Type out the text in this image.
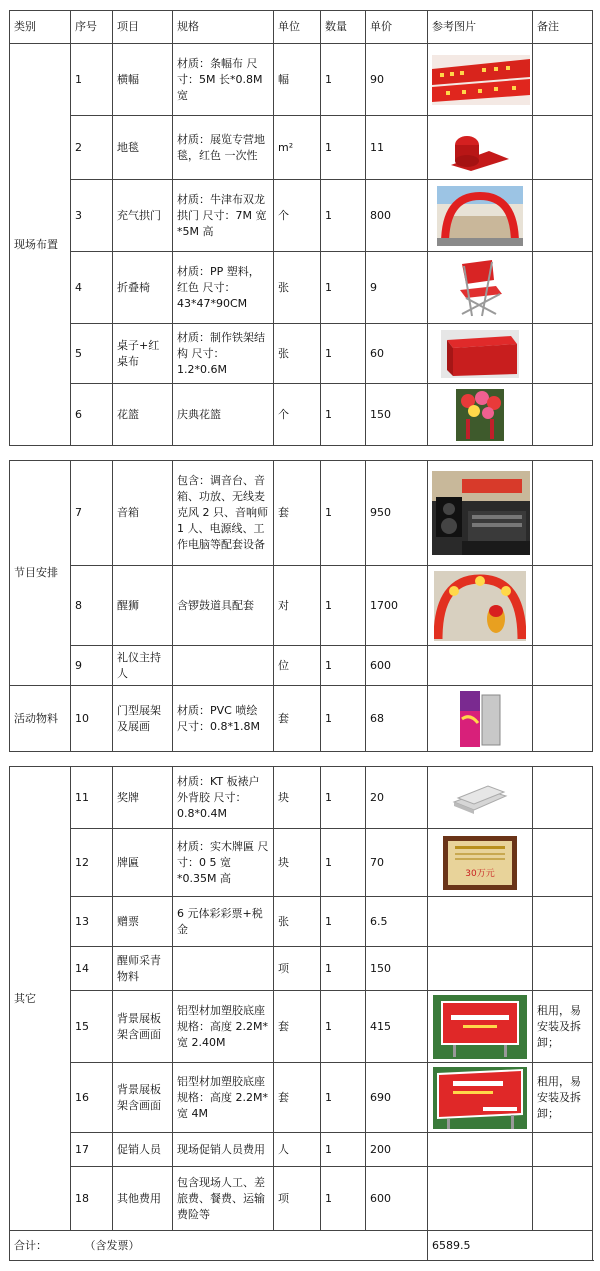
类别	序号	项目	规格	单位	数量	单价	参考图片	备注
现场布置	1	横幅	材质：条幅布 尺寸：5M 长*0.8M 宽	幅	1	90	

	2	地毯	材质：展览专营地毯，红色 一次性	m²	1	11	

	3	充气拱门	材质：牛津布双龙拱门 尺寸：7M 宽*5M 高	个	1	800	

	4	折叠椅	材质：PP 塑料，红色 尺寸：43*47*90CM	张	1	9	

	5	桌子+红桌布	材质：制作铁架结构 尺寸：1.2*0.6M	张	1	60	

	6	花篮	庆典花篮	个	1	150	

节目安排	7	音箱	包含：调音台、音箱、功放、无线麦克风 2 只、音响师 1 人、电源线、工作电脑等配套设备	套	1	950	

	8	醒狮	含锣鼓道具配套	对	1	1700	

	9	礼仪主持人		位	1	600		
活动物料	10	门型展架及展画	材质：PVC 喷绘 尺寸：0.8*1.8M	套	1	68	

其它	11	奖牌	材质：KT 板裱户外背胶 尺寸：0.8*0.4M	块	1	20	

	12	牌匾	材质：实木牌匾 尺寸：0 5 宽*0.35M 高	块	1	70	30万元	

	13	赠票	6 元体彩彩票+税金	张	1	6.5		
	14	醒师采青物料		项	1	150		
	15	背景展板架含画面	铝型材加塑胶底座 规格：高度 2.2M*宽 2.40M	套	1	415		租用，易安装及拆卸；
	16	背景展板架含画面	铝型材加塑胶底座 规格：高度 2.2M*宽 4M	套	1	690		租用，易安装及拆卸；
	17	促销人员	现场促销人员费用	人	1	200		
	18	其他费用	包含现场人工、差旅费、餐费、运输费险等	项	1	600		
合计： （含发票）							6589.5	
